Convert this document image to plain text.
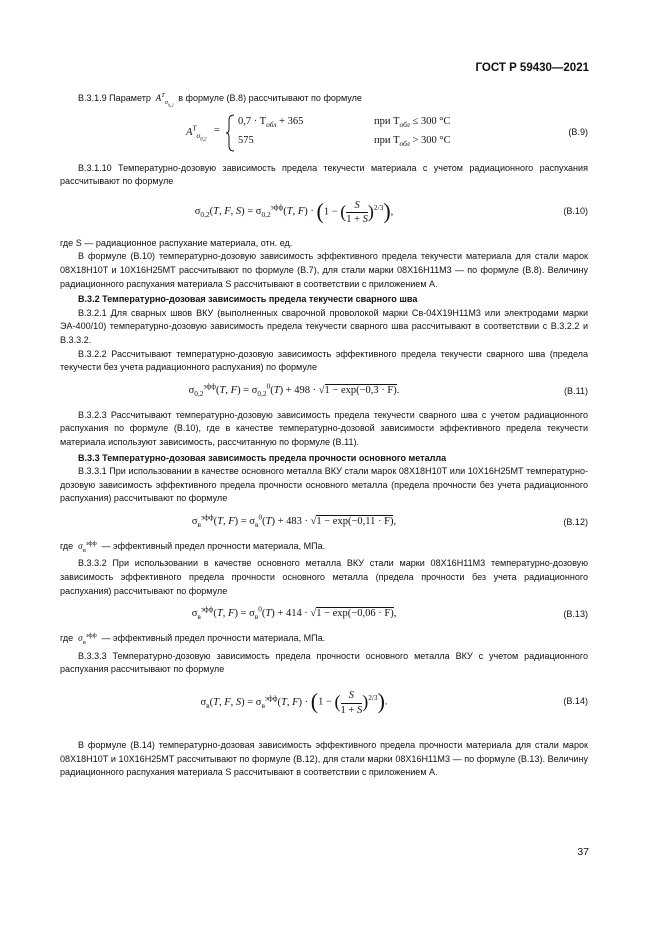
ГОСТ Р 59430—2021

В.3.1.9 Параметр  $A^T_{\sigma_{0,2}}$  в формуле (В.8) рассчитывают по формуле

$A^T_{\sigma_{0,2}}$
=
$0,7 \cdot T_{обл} + 365$	при $T_{обл} \le 300$ °C
575	при $T_{обл} > 300$ °C
(В.9)

В.3.1.10 Температурно-дозовую зависимость предела текучести материала с учетом радиационного распухания рассчитывают по формуле

$\sigma_{0,2}(T$, F, $S) = \sigma_{0,2}^{эфф}(T$, F) · (1 − ( $\frac{S}{1 + S} )^{2/3}$),	(В.10)

где S — радиационное распухание материала, отн. ед.

В формуле (В.10) температурно-дозовую зависимость эффективного предела текучести материала для стали марок 08Х18Н10Т и 10Х16Н25МТ рассчитывают по формуле (В.7), для стали марки 08Х16Н11М3 — по формуле (В.8). Величину радиационного распухания материала S рассчитывают в соответствии с приложением А.

В.3.2 Температурно-дозовая зависимость предела текучести сварного шва

В.3.2.1 Для сварных швов ВКУ (выполненных сварочной проволокой марки Св-04Х19Н11М3 или электродами марки ЭА-400/10) температурно-дозовую зависимость предела текучести сварного шва рассчитывают в соответствии с В.3.2.2 и В.3.3.2.

В.3.2.2 Рассчитывают температурно-дозовую зависимость эффективного предела текучести сварного шва (предела текучести без учета радиационного распухания) по формуле

$\sigma_{0,2}^{эфф}(T$, $F) = \sigma_{0,2}^0(T) + 498 \cdot √1 - \exp(-0,3 \cdot F)$.	(В.11)

В.3.2.3 Рассчитывают температурно-дозовую зависимость предела текучести сварного шва с учетом радиационного распухания по формуле (В.10), где в качестве температурно-дозовой зависимости эффективного предела текучести материала используют зависимость, рассчитанную по формуле (В.11).

В.3.3 Температурно-дозовая зависимость предела прочности основного металла

В.3.3.1 При использовании в качестве основного металла ВКУ стали марок 08Х18Н10Т или 10Х16Н25МТ температурно-дозовую зависимость эффективного предела прочности основного металла (предела прочности без учета радиационного распухания) рассчитывают по формуле

$\sigma_в^{эфф}(T$, $F) = \sigma_в^0(T) + 483 \cdot √1 - \exp(-0,11 \cdot F)$,	(В.12)

где  $\sigma_в^{эфф}$ — эффективный предел прочности материала, МПа.

В.3.3.2 При использовании в качестве основного металла ВКУ стали марки 08Х16Н11М3 температурно-дозовую зависимость эффективного предела прочности основного металла (предела прочности без учета радиационного распухания) рассчитывают по формуле

$\sigma_в^{эфф}(T$, $F) = \sigma_в^0(T) + 414 \cdot √1 - \exp(-0,06 \cdot F)$,	(В.13)

где  $\sigma_в^{эфф}$ — эффективный предел прочности материала, МПа.

В.3.3.3 Температурно-дозовую зависимость предела прочности основного металла ВКУ с учетом радиационного распухания рассчитывают по формуле

$\sigma_в(T$, F, $S) = \sigma_в^{эфф}(T$, F) · (1 − ( $\frac{S}{1 + S} )^{2/3}$).	(В.14)

В формуле (В.14) температурно-дозовая зависимость эффективного предела прочности материала для стали марок 08Х18Н10Т и 10Х16Н25МТ рассчитывают по формуле (В.12), для стали марки 08Х16Н11М3 — по формуле (В.13). Величину радиационного распухания материала S рассчитывают в соответствии с приложением А.

37
